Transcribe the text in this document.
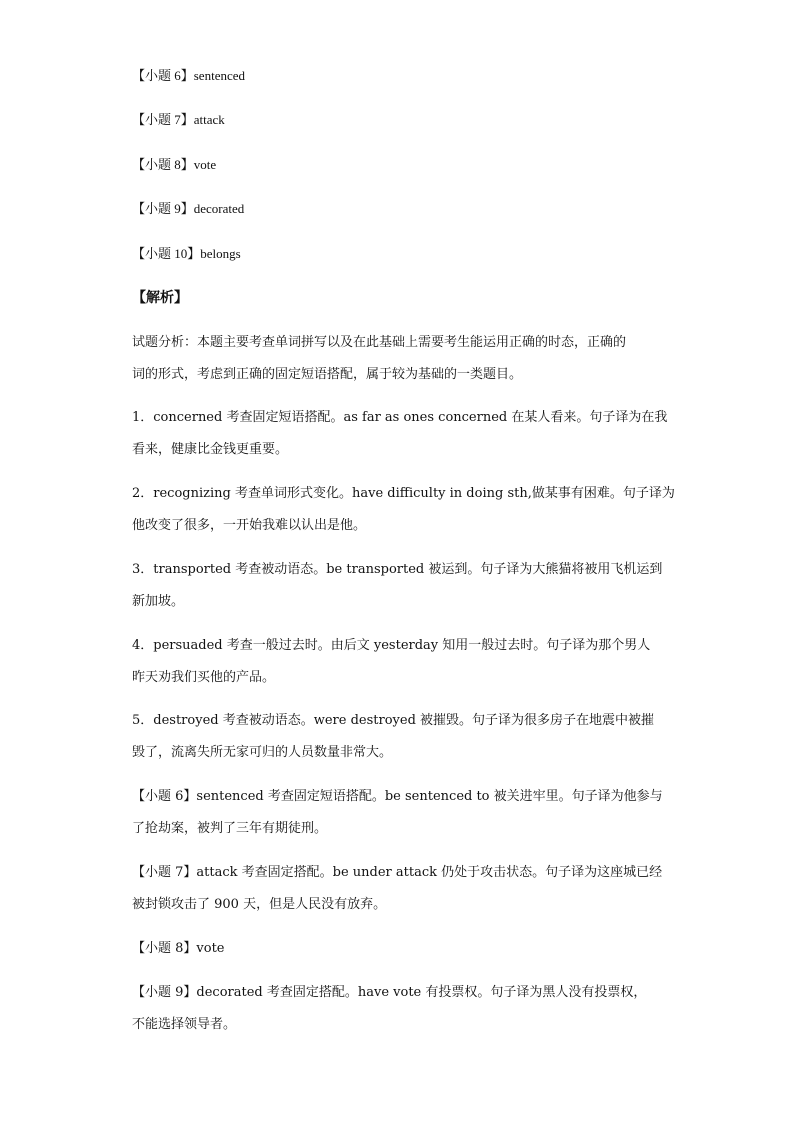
【小题 6】sentenced
【小题 7】attack
【小题 8】vote
【小题 9】decorated
【小题 10】belongs
【解析】
试题分析：本题主要考查单词拼写以及在此基础上需要考生能运用正确的时态，正确的
词的形式，考虑到正确的固定短语搭配，属于较为基础的一类题目。
1．concerned 考查固定短语搭配。as far as ones concerned 在某人看来。句子译为在我
看来，健康比金钱更重要。
2．recognizing 考查单词形式变化。have difficulty in doing sth,做某事有困难。句子译为
他改变了很多，一开始我难以认出是他。
3．transported 考查被动语态。be transported 被运到。句子译为大熊猫将被用飞机运到
新加坡。
4．persuaded 考查一般过去时。由后文 yesterday 知用一般过去时。句子译为那个男人
昨天劝我们买他的产品。
5．destroyed 考查被动语态。were destroyed 被摧毁。句子译为很多房子在地震中被摧
毁了，流离失所无家可归的人员数量非常大。
【小题 6】sentenced 考查固定短语搭配。be sentenced to 被关进牢里。句子译为他参与
了抢劫案，被判了三年有期徒刑。
【小题 7】attack 考查固定搭配。be under attack 仍处于攻击状态。句子译为这座城已经
被封锁攻击了 900 天，但是人民没有放弃。
【小题 8】vote
【小题 9】decorated 考查固定搭配。have vote 有投票权。句子译为黑人没有投票权，
不能选择领导者。
